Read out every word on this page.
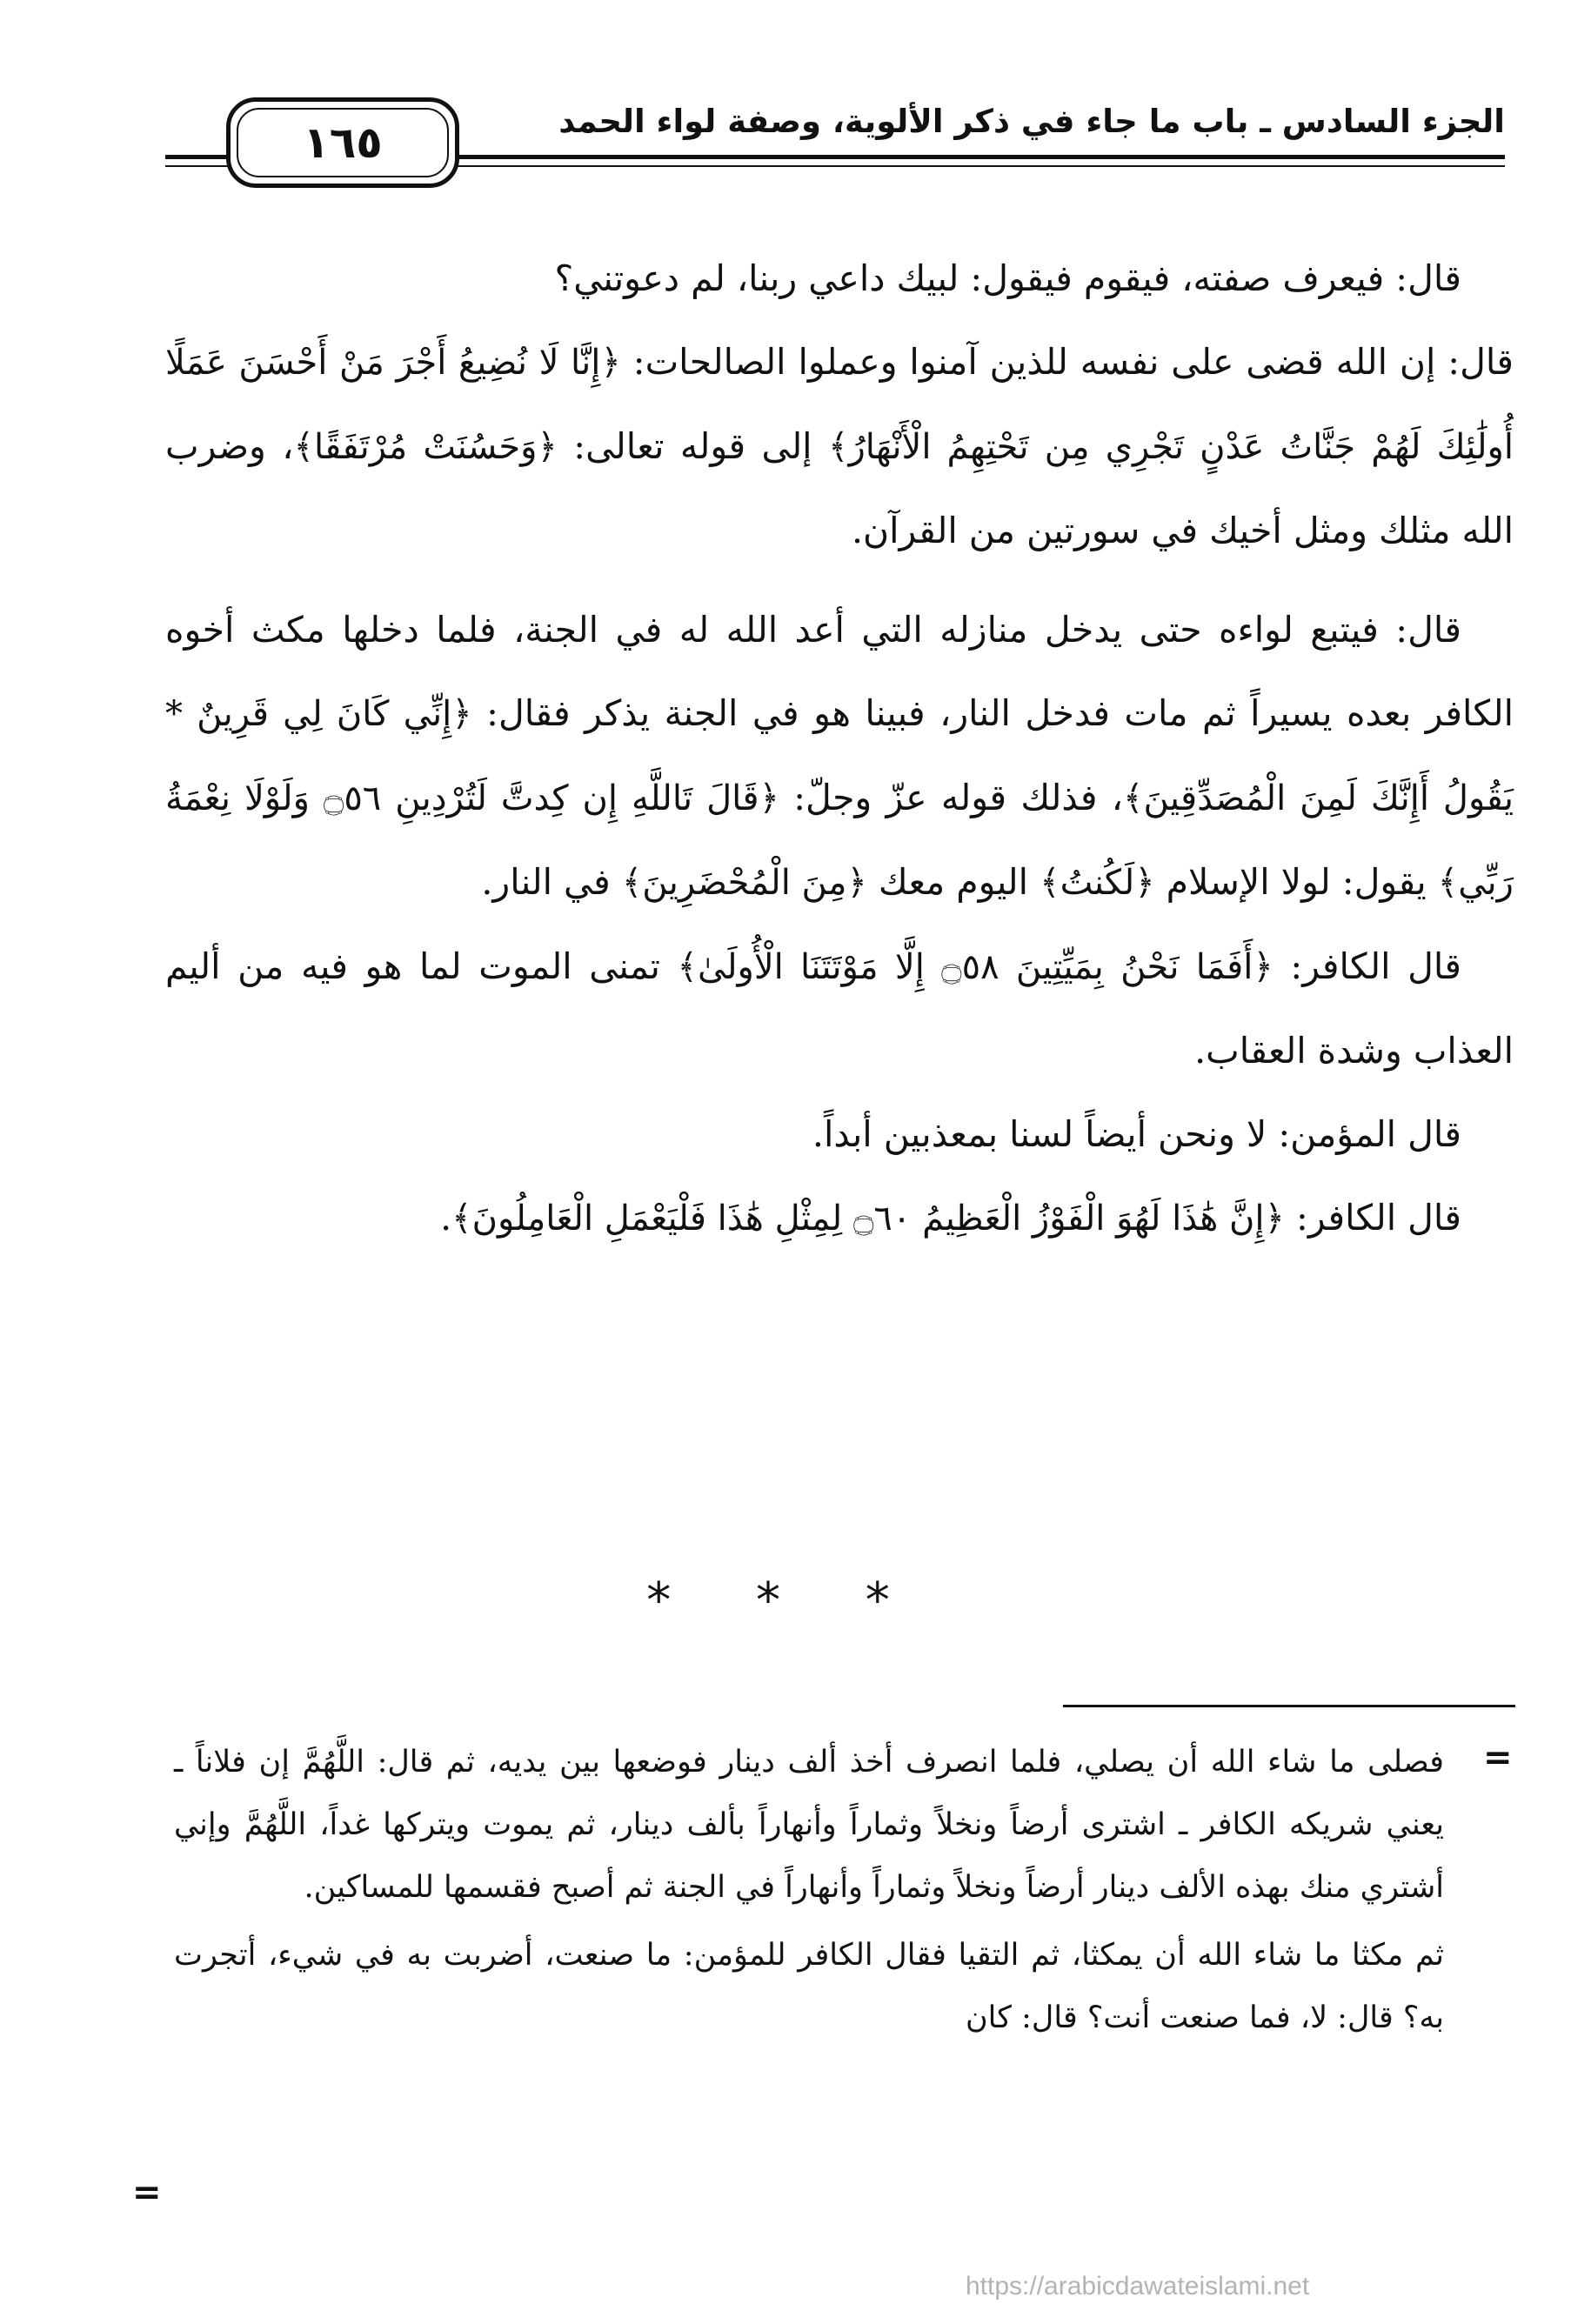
الجزء السادس ـ باب ما جاء في ذكر الألوية، وصفة لواء الحمد
١٦٥

قال: فيعرف صفته، فيقوم فيقول: لبيك داعي ربنا، لم دعوتني؟

قال: إن الله قضى على نفسه للذين آمنوا وعملوا الصالحات: ﴿إِنَّا لَا نُضِيعُ أَجْرَ مَنْ أَحْسَنَ عَمَلًا أُولَٰئِكَ لَهُمْ جَنَّاتُ عَدْنٍ تَجْرِي مِن تَحْتِهِمُ الْأَنْهَارُ﴾ إلى قوله تعالى: ﴿وَحَسُنَتْ مُرْتَفَقًا﴾، وضرب الله مثلك ومثل أخيك في سورتين من القرآن.

قال: فيتبع لواءه حتى يدخل منازله التي أعد الله له في الجنة، فلما دخلها مكث أخوه الكافر بعده يسيراً ثم مات فدخل النار، فبينا هو في الجنة يذكر فقال: ﴿إِنِّي كَانَ لِي قَرِينٌ * يَقُولُ أَإِنَّكَ لَمِنَ الْمُصَدِّقِينَ﴾، فذلك قوله عزّ وجلّ: ﴿قَالَ تَاللَّهِ إِن كِدتَّ لَتُرْدِينِ ۝٥٦ وَلَوْلَا نِعْمَةُ رَبِّي﴾ يقول: لولا الإسلام ﴿لَكُنتُ﴾ اليوم معك ﴿مِنَ الْمُحْضَرِينَ﴾ في النار.

قال الكافر: ﴿أَفَمَا نَحْنُ بِمَيِّتِينَ ۝٥٨ إِلَّا مَوْتَتَنَا الْأُولَىٰ﴾ تمنى الموت لما هو فيه من أليم العذاب وشدة العقاب.

قال المؤمن: لا ونحن أيضاً لسنا بمعذبين أبداً.

قال الكافر: ﴿إِنَّ هَٰذَا لَهُوَ الْفَوْزُ الْعَظِيمُ ۝٦٠ لِمِثْلِ هَٰذَا فَلْيَعْمَلِ الْعَامِلُونَ﴾.

* * *
=

فصلى ما شاء الله أن يصلي، فلما انصرف أخذ ألف دينار فوضعها بين يديه، ثم قال: اللَّهُمَّ إن فلاناً ـ يعني شريكه الكافر ـ اشترى أرضاً ونخلاً وثماراً وأنهاراً بألف دينار، ثم يموت ويتركها غداً، اللَّهُمَّ وإني أشتري منك بهذه الألف دينار أرضاً ونخلاً وثماراً وأنهاراً في الجنة ثم أصبح فقسمها للمساكين.

ثم مكثا ما شاء الله أن يمكثا، ثم التقيا فقال الكافر للمؤمن: ما صنعت، أضربت به في شيء، أتجرت به؟ قال: لا، فما صنعت أنت؟ قال: كان

=
https://arabicdawateislami.net
